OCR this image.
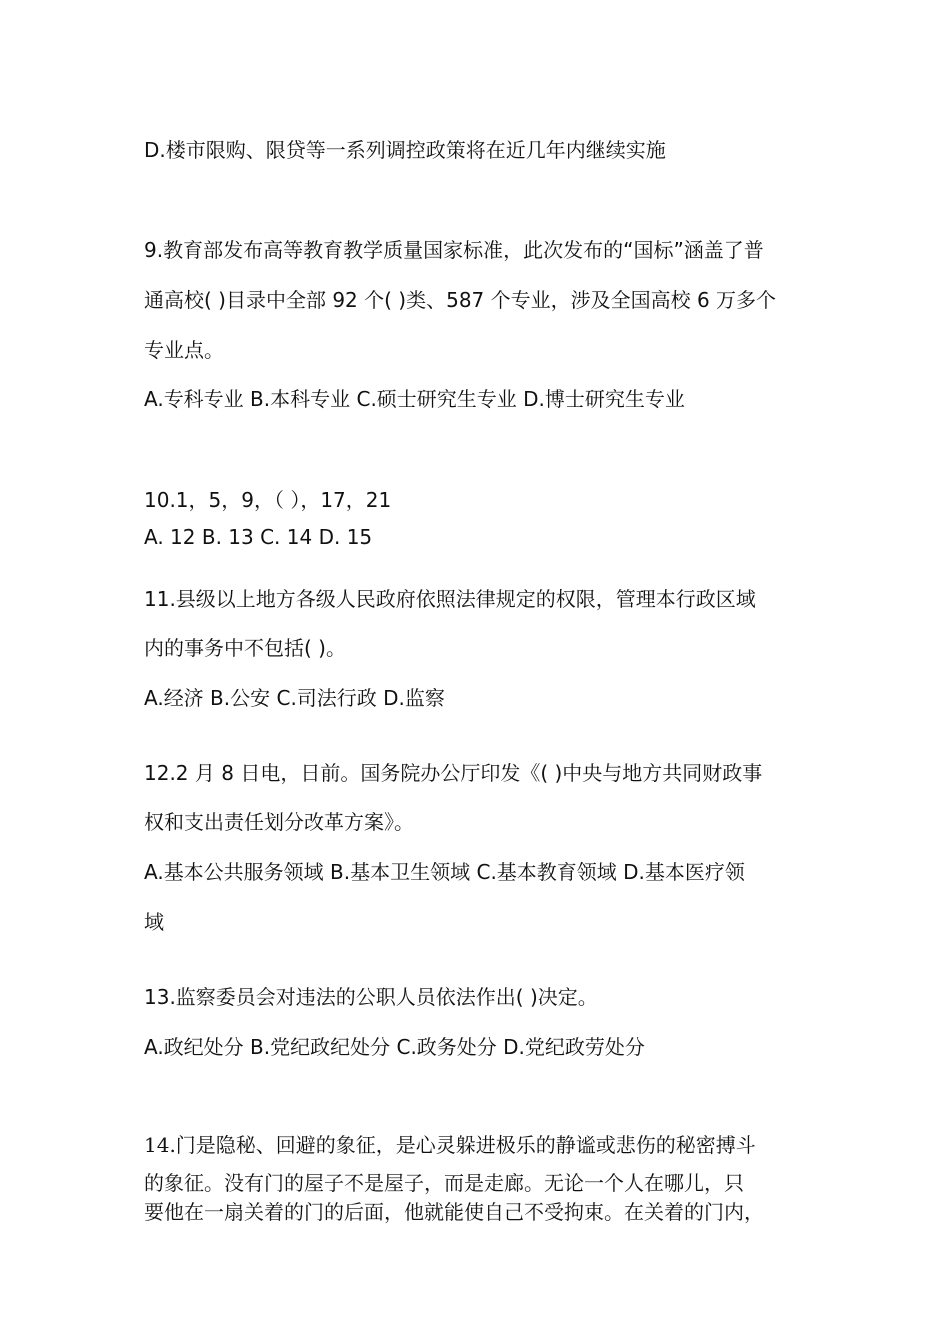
D.楼市限购、限贷等一系列调控政策将在近几年内继续实施

9.教育部发布高等教育教学质量国家标准，此次发布的“国标”涵盖了普

通高校( )目录中全部 92 个( )类、587 个专业，涉及全国高校 6 万多个

专业点。

A.专科专业 B.本科专业 C.硕士研究生专业 D.博士研究生专业

10.1，5，9，（ ），17，21

A. 12 B. 13 C. 14 D. 15

11.县级以上地方各级人民政府依照法律规定的权限，管理本行政区域

内的事务中不包括( )。

A.经济 B.公安 C.司法行政 D.监察

12.2 月 8 日电，日前。国务院办公厅印发《( )中央与地方共同财政事

权和支出责任划分改革方案》。

A.基本公共服务领域 B.基本卫生领域 C.基本教育领域 D.基本医疗领

域

13.监察委员会对违法的公职人员依法作出( )决定。

A.政纪处分 B.党纪政纪处分 C.政务处分 D.党纪政劳处分

14.门是隐秘、回避的象征，是心灵躲进极乐的静谧或悲伤的秘密搏斗

的象征。没有门的屋子不是屋子，而是走廊。无论一个人在哪儿，只

要他在一扇关着的门的后面，他就能使自己不受拘束。在关着的门内，
